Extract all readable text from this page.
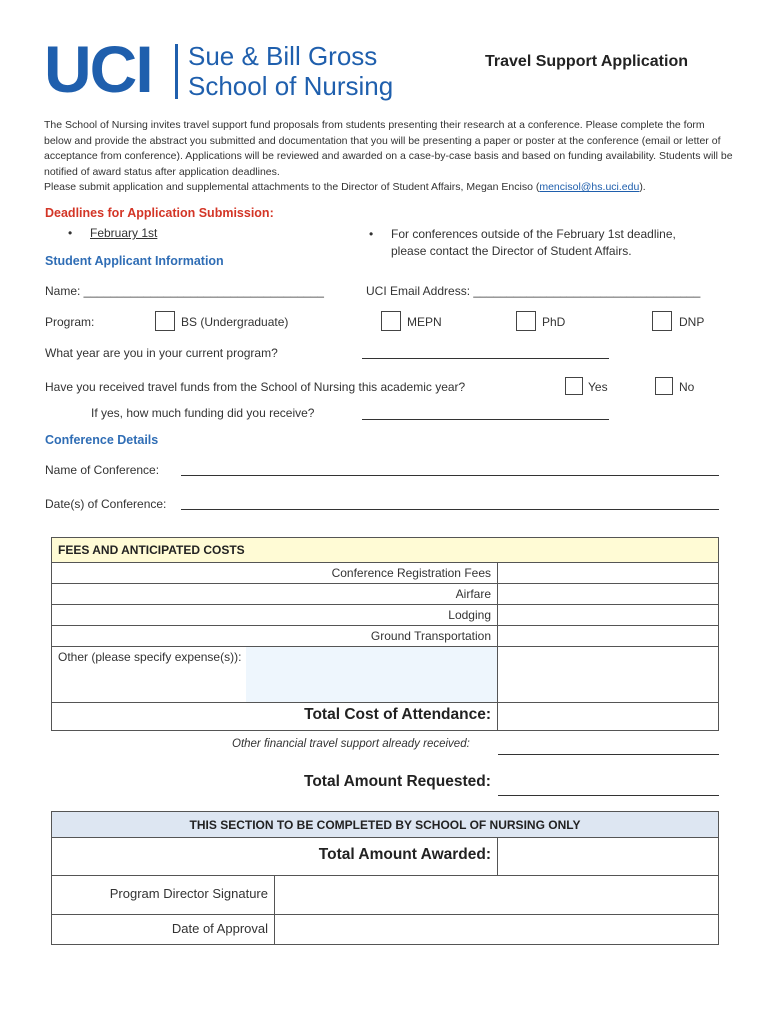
UCI Sue & Bill Gross
School of Nursing
Travel Support Application
The School of Nursing invites travel support fund proposals from students presenting their research at a conference. Please complete the form below and provide the abstract you submitted and documentation that you will be presenting a paper or poster at the conference (email or letter of acceptance from conference). Applications will be reviewed and awarded on a case-by-case basis and based on funding availability. Students will be notified of award status after application deadlines.
Please submit application and supplemental attachments to the Director of Student Affairs, Megan Enciso (mencisol@hs.uci.edu).
Deadlines for Application Submission:
• February 1st
•	For conferences outside of the February 1st deadline, please contact the Director of Student Affairs.
Student Applicant Information
Name: ____________________________________	UCI Email Address: __________________________________
Program:	BS (Undergraduate)	MEPN	PhD	DNP
What year are you in your current program?
Have you received travel funds from the School of Nursing this academic year?	Yes	No
If yes, how much funding did you receive?
Conference Details
Name of Conference:
Date(s) of Conference:
FEES AND ANTICIPATED COSTS
Conference Registration Fees
Airfare
Lodging
Ground Transportation
Other (please specify expense(s)):
Total Cost of Attendance:
Other financial travel support already received:
Total Amount Requested:
THIS SECTION TO BE COMPLETED BY SCHOOL OF NURSING ONLY
Total Amount Awarded:
Program Director Signature
Date of Approval
